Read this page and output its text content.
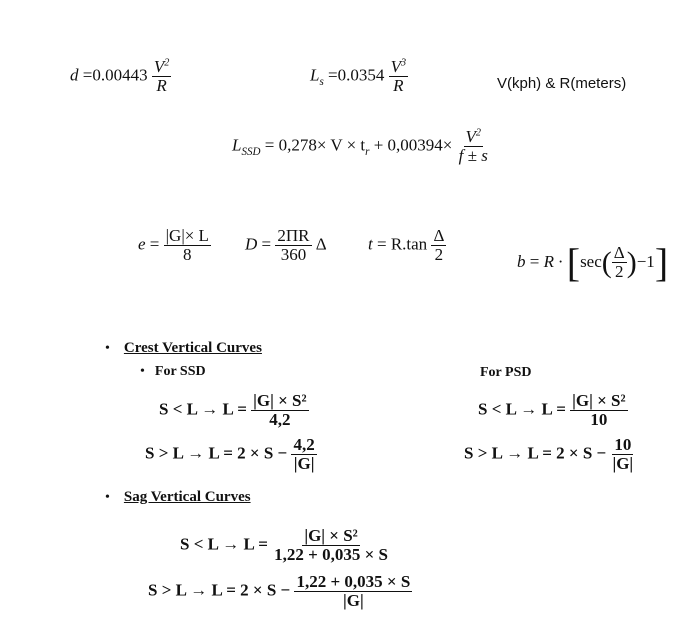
$d =0.00443 \frac{V^2}{R}$	$L_s =0.0354 \frac{V^3}{R}$	V(kph) & R(meters)
$L_{SSD} = 0,278\times V \times t_r + 0,00394\times \frac{V^2}{f \pm s}$
$e = \frac{|G|\times L}{8}$ $D = \frac{2\Pi R}{360}$ Δ $t = R.\tan \frac{\Delta}{2}$	$b = R \cdot [\sec( \frac{\Delta}{2} )-1]$
• Crest Vertical Curves
• For SSD	For PSD
$S < L \to L = \frac{\text{|G| × S²}}{4,2}$
$S > L \to L = 2 \times S - \frac{4,2}{|G|}$
$S < L \to L = \frac{\text{|G| × S²}}{10}$
$S > L \to L = 2 \times S - \frac{10}{|G|}$
• Sag Vertical Curves
$S < L \to L = \frac{\text{|G| × S²}}{1,22 + 0,035 \times S}$
$S > L \to L = 2 \times S - \frac{1,22 + 0,035 \times S}{|G|}$
